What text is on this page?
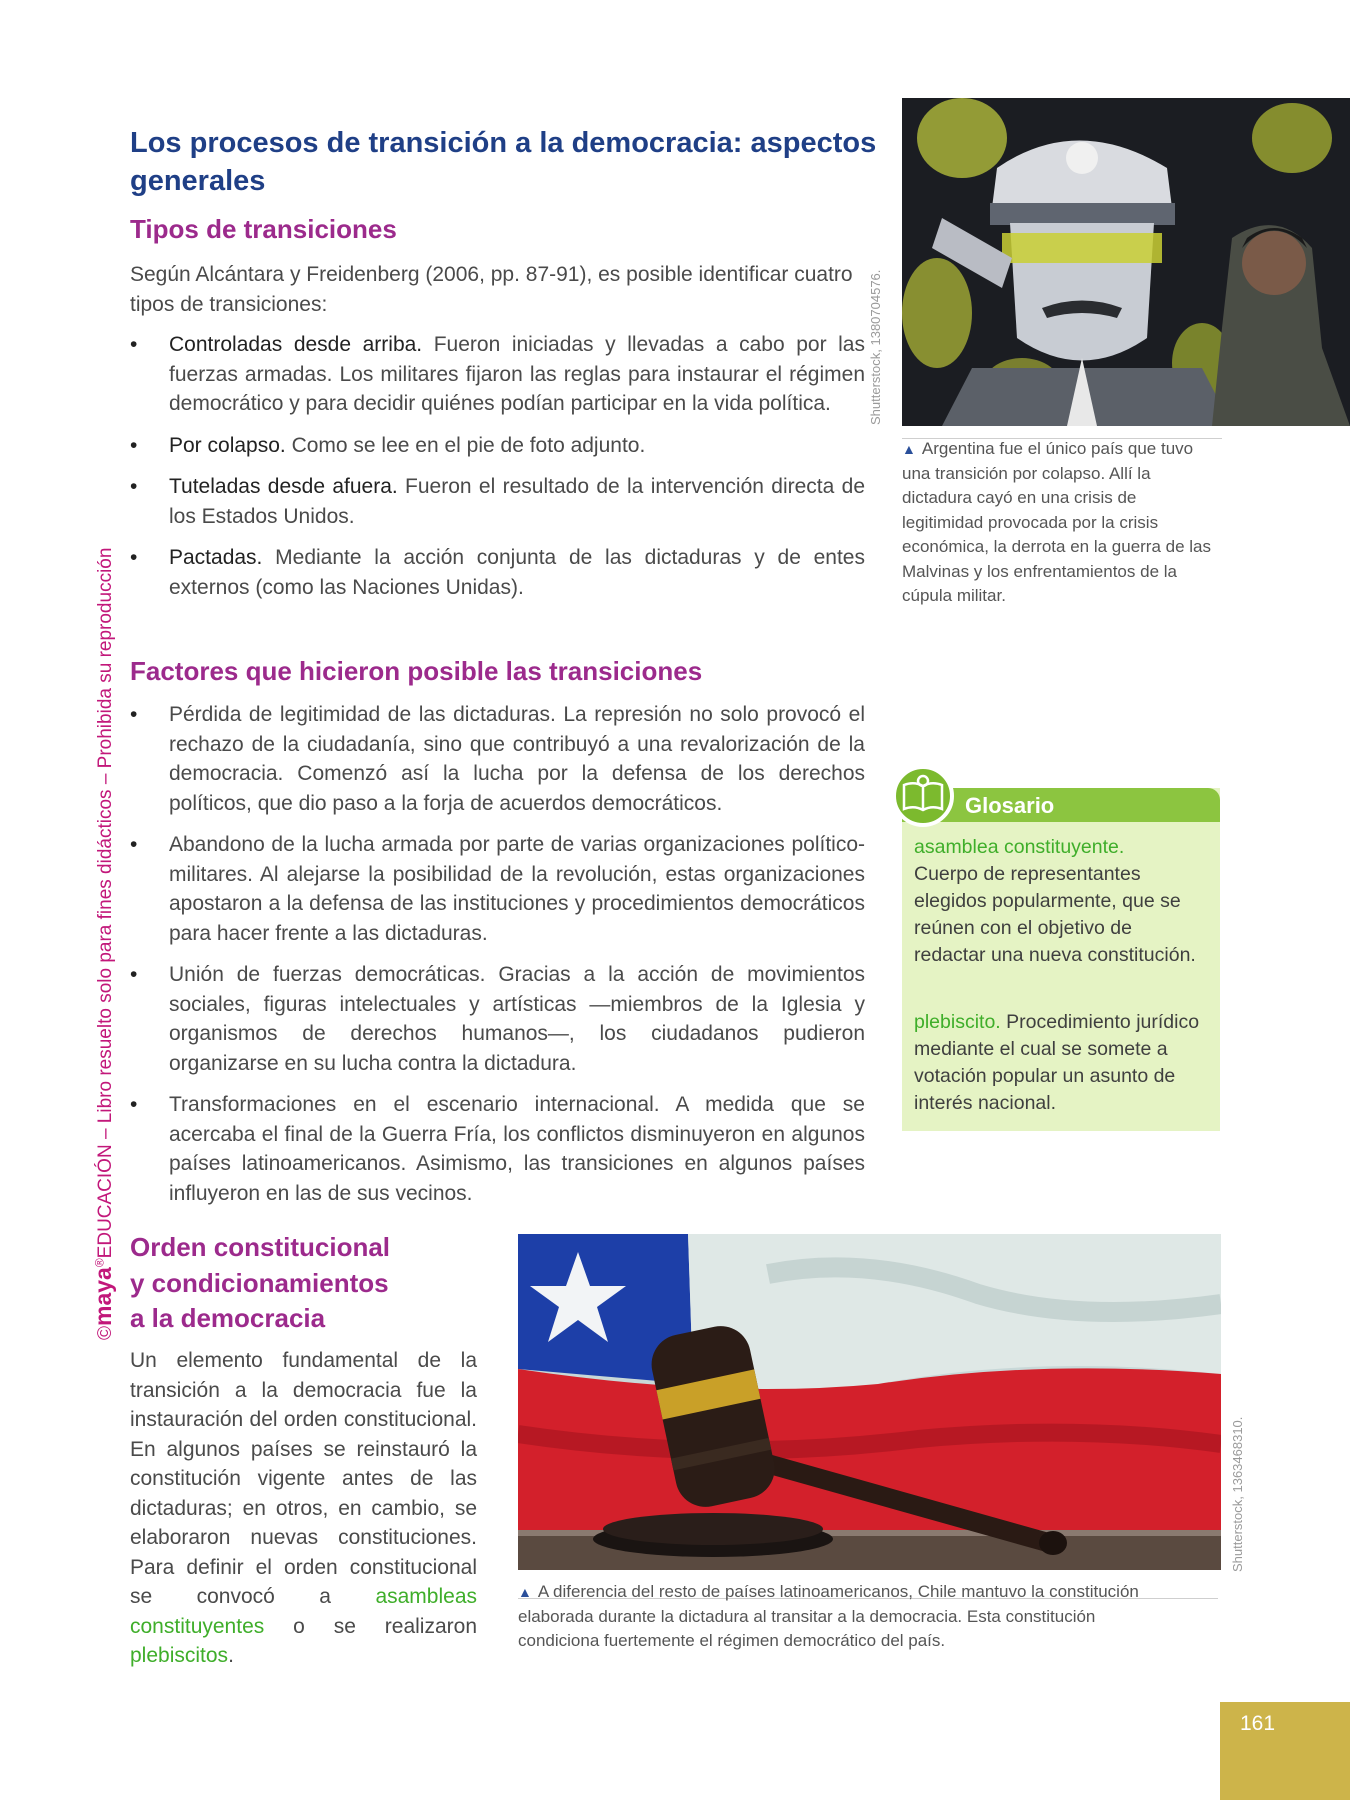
Los procesos de transición a la democracia: aspectos generales
Tipos de transiciones

Según Alcántara y Freidenberg (2006, pp. 87-91), es posible identificar cuatro tipos de transiciones:

• Controladas desde arriba. Fueron iniciadas y llevadas a cabo por las fuerzas armadas. Los militares fijaron las reglas para instaurar el régimen democrático y para decidir quiénes podían participar en la vida política.
• Por colapso. Como se lee en el pie de foto adjunto.
• Tuteladas desde afuera. Fueron el resultado de la intervención directa de los Estados Unidos.
• Pactadas. Mediante la acción conjunta de las dictaduras y de entes externos (como las Naciones Unidas).
Factores que hicieron posible las transiciones
• Pérdida de legitimidad de las dictaduras. La represión no solo provocó el rechazo de la ciudadanía, sino que contribuyó a una revalorización de la democracia. Comenzó así la lucha por la defensa de los derechos políticos, que dio paso a la forja de acuerdos democráticos.
• Abandono de la lucha armada por parte de varias organizaciones político-militares. Al alejarse la posibilidad de la revolución, estas organizaciones apostaron a la defensa de las instituciones y procedimientos democráticos para hacer frente a las dictaduras.
• Unión de fuerzas democráticas. Gracias a la acción de movimientos sociales, figuras intelectuales y artísticas —miembros de la Iglesia y organismos de derechos humanos—, los ciudadanos pudieron organizarse en su lucha contra la dictadura.
• Transformaciones en el escenario internacional. A medida que se acercaba el final de la Guerra Fría, los conflictos disminuyeron en algunos países latinoamericanos. Asimismo, las transiciones en algunos países influyeron en las de sus vecinos.
Orden constitucional
y condicionamientos
a la democracia

Un elemento fundamental de la transición a la democracia fue la instauración del orden constitucional. En algunos países se reinstauró la constitución vigente antes de las dictaduras; en otros, en cambio, se elaboraron nuevas constituciones. Para definir el orden constitucional se convocó a asambleas constituyentes o se realizaron plebiscitos.

Shutterstock, 1380704576.
▲ Argentina fue el único país que tuvo una transición por colapso. Allí la dictadura cayó en una crisis de legitimidad provocada por la crisis económica, la derrota en la guerra de las Malvinas y los enfrentamientos de la cúpula militar.
Glosario
asamblea constituyente.
Cuerpo de representantes elegidos popularmente, que se reúnen con el objetivo de redactar una nueva constitución.
plebiscito. Procedimiento jurídico mediante el cual se somete a votación popular un asunto de interés nacional.
Shutterstock, 1363468310.
▲ A diferencia del resto de países latinoamericanos, Chile mantuvo la constitución elaborada durante la dictadura al transitar a la democracia. Esta constitución condiciona fuertemente el régimen democrático del país.
©maya®EDUCACIÓN – Libro resuelto solo para fines didácticos – Prohibida su reproducción
161
